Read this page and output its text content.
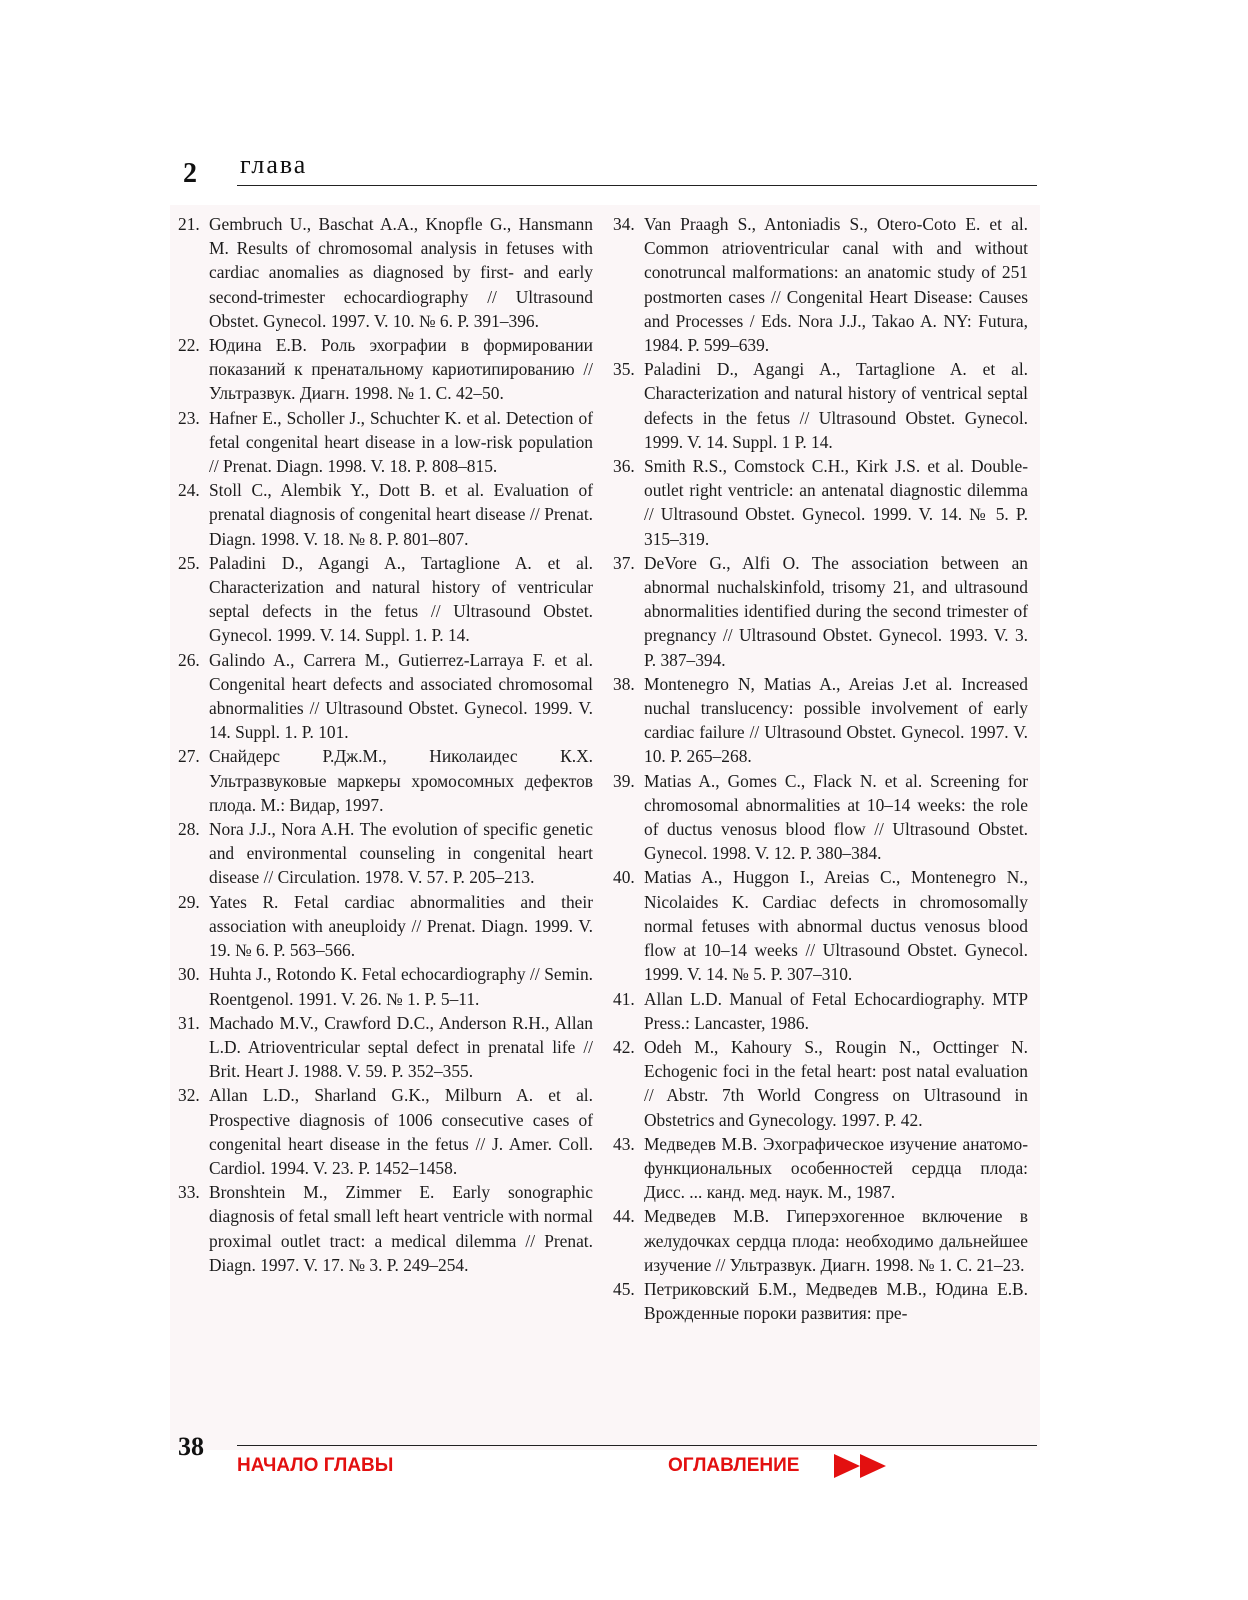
2 глава

21. Gembruch U., Baschat A.A., Knopfle G., Hansmann M. Results of chromosomal analysis in fetuses with cardiac anomalies as diagnosed by first- and early second-trimester echocardiography // Ultrasound Obstet. Gynecol. 1997. V. 10. № 6. P. 391–396.

22. Юдина Е.В. Роль эхографии в формировании показаний к пренатальному кариотипированию // Ультразвук. Диагн. 1998. № 1. С. 42–50.

23. Hafner E., Scholler J., Schuchter K. et al. Detection of fetal congenital heart disease in a low-risk population // Prenat. Diagn. 1998. V. 18. P. 808–815.

24. Stoll C., Alembik Y., Dott B. et al. Evaluation of prenatal diagnosis of congenital heart disease // Prenat. Diagn. 1998. V. 18. № 8. P. 801–807.

25. Paladini D., Agangi A., Tartaglione A. et al. Characterization and natural history of ventricular septal defects in the fetus // Ultrasound Obstet. Gynecol. 1999. V. 14. Suppl. 1. P. 14.

26. Galindo A., Carrera M., Gutierrez-Larraya F. et al. Congenital heart defects and associated chromosomal abnormalities // Ultrasound Obstet. Gynecol. 1999. V. 14. Suppl. 1. P. 101.

27. Снайдерс Р.Дж.М., Николаидес К.Х. Ультразвуковые маркеры хромосомных дефектов плода. М.: Видар, 1997.

28. Nora J.J., Nora A.H. The evolution of specific genetic and environmental counseling in congenital heart disease // Circulation. 1978. V. 57. P. 205–213.

29. Yates R. Fetal cardiac abnormalities and their association with aneuploidy // Prenat. Diagn. 1999. V. 19. № 6. P. 563–566.

30. Huhta J., Rotondo K. Fetal echocardiography // Semin. Roentgenol. 1991. V. 26. № 1. P. 5–11.

31. Machado M.V., Crawford D.C., Anderson R.H., Allan L.D. Atrioventricular septal defect in prenatal life // Brit. Heart J. 1988. V. 59. P. 352–355.

32. Allan L.D., Sharland G.K., Milburn A. et al. Prospective diagnosis of 1006 consecutive cases of congenital heart disease in the fetus // J. Amer. Coll. Cardiol. 1994. V. 23. P. 1452–1458.

33. Bronshtein M., Zimmer E. Early sonographic diagnosis of fetal small left heart ventricle with normal proximal outlet tract: a medical dilemma // Prenat. Diagn. 1997. V. 17. № 3. P. 249–254.

34. Van Praagh S., Antoniadis S., Otero-Coto E. et al. Common atrioventricular canal with and without conotruncal malformations: an anatomic study of 251 postmorten cases // Congenital Heart Disease: Causes and Processes / Eds. Nora J.J., Takao A. NY: Futura, 1984. P. 599–639.

35. Paladini D., Agangi A., Tartaglione A. et al. Characterization and natural history of ventrical septal defects in the fetus // Ultrasound Obstet. Gynecol. 1999. V. 14. Suppl. 1 P. 14.

36. Smith R.S., Comstock C.H., Kirk J.S. et al. Double-outlet right ventricle: an antenatal diagnostic dilemma // Ultrasound Obstet. Gynecol. 1999. V. 14. № 5. P. 315–319.

37. DeVore G., Alfi O. The association between an abnormal nuchalskinfold, trisomy 21, and ultrasound abnormalities identified during the second trimester of pregnancy // Ultrasound Obstet. Gynecol. 1993. V. 3. P. 387–394.

38. Montenegro N, Matias A., Areias J.et al. Increased nuchal translucency: possible involvement of early cardiac failure // Ultrasound Obstet. Gynecol. 1997. V. 10. P. 265–268.

39. Matias A., Gomes C., Flack N. et al. Screening for chromosomal abnormalities at 10–14 weeks: the role of ductus venosus blood flow // Ultrasound Obstet. Gynecol. 1998. V. 12. P. 380–384.

40. Matias A., Huggon I., Areias C., Montenegro N., Nicolaides K. Cardiac defects in chromosomally normal fetuses with abnormal ductus venosus blood flow at 10–14 weeks // Ultrasound Obstet. Gynecol. 1999. V. 14. № 5. P. 307–310.

41. Allan L.D. Manual of Fetal Echocardiography. MTP Press.: Lancaster, 1986.

42. Odeh M., Kahoury S., Rougin N., Octtinger N. Echogenic foci in the fetal heart: post natal evaluation // Abstr. 7th World Congress on Ultrasound in Obstetrics and Gynecology. 1997. P. 42.

43. Медведев М.В. Эхографическое изучение анатомо-функциональных особенностей сердца плода: Дисс. ... канд. мед. наук. М., 1987.

44. Медведев М.В. Гиперэхогенное включение в желудочках сердца плода: необходимо дальнейшее изучение // Ультразвук. Диагн. 1998. № 1. С. 21–23.

45. Петриковский Б.М., Медведев М.В., Юдина Е.В. Врожденные пороки развития: пре-

38
НАЧАЛО ГЛАВЫ	ОГЛАВЛЕНИЕ
